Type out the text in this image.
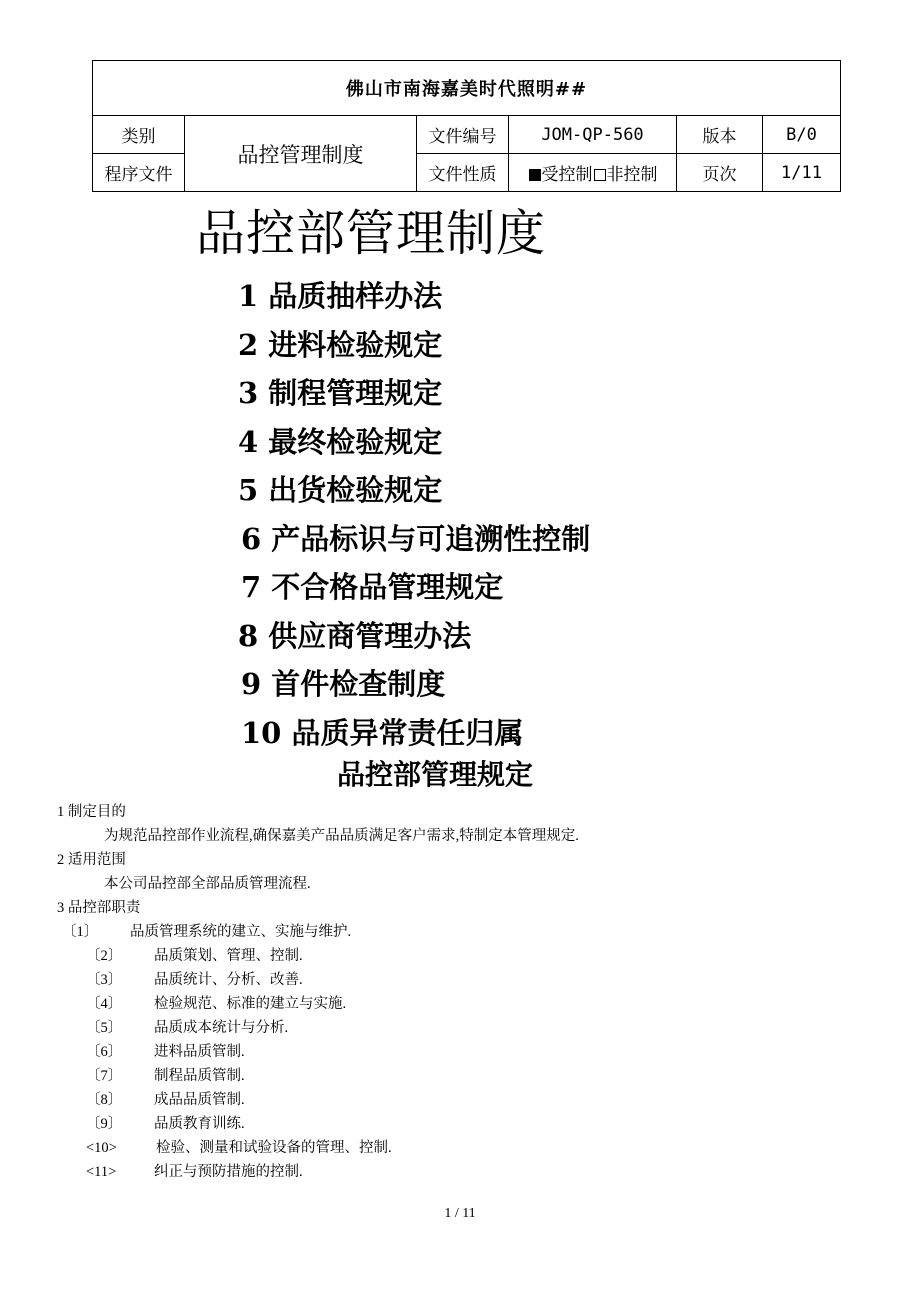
佛山市南海嘉美时代照明##					
类别	品控管理制度	文件编号	JOM-QP-560	版本	B/0
程序文件		文件性质	受控制 非控制	页次	1/11
品控部管理制度
1 品质抽样办法
2 进料检验规定
3 制程管理规定
4 最终检验规定
5 出货检验规定
6 产品标识与可追溯性控制
7 不合格品管理规定
8 供应商管理办法
9 首件检查制度
10 品质异常责任归属
品控部管理规定
1 制定目的
为规范品控部作业流程,确保嘉美产品品质满足客户需求,特制定本管理规定.
2 适用范围
本公司品控部全部品质管理流程.
3 品控部职责
〔1〕 品质管理系统的建立、实施与维护.
〔2〕 品质策划、管理、控制.
〔3〕 品质统计、分析、改善.
〔4〕 检验规范、标准的建立与实施.
〔5〕 品质成本统计与分析.
〔6〕 进料品质管制.
〔7〕 制程品质管制.
〔8〕 成品品质管制.
〔9〕 品质教育训练.
<10>	检验、测量和试验设备的管理、控制.
<11>	纠正与预防措施的控制.
1 / 11
